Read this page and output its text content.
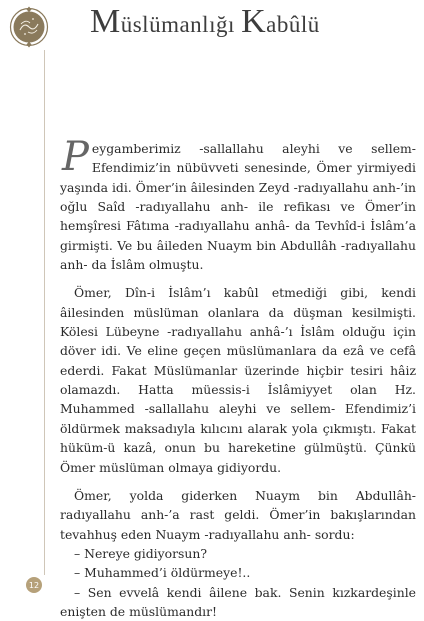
Müslümanlığı Kabûlü

Peygamberimiz -sallallahu aleyhi ve sellem- Efendimiz’in nübüvveti senesinde, Ömer yirmiyedi yaşında idi. Ömer’in âilesinden Zeyd -radıyallahu anh-’in oğlu Saîd -radıyallahu anh- ile refikası ve Ömer’in hemşîresi Fâtıma -radıyallahu anhâ- da Tevhîd-i İslâm’a girmişti. Ve bu âileden Nuaym bin Abdullâh -radıyallahu anh- da İslâm olmuştu.

Ömer, Dîn-i İslâm’ı kabûl etmediği gibi, kendi âilesinden müslüman olanlara da düşman kesilmişti. Kölesi Lübeyne -radıyallahu anhâ-’ı İslâm olduğu için döver idi. Ve eline geçen müslümanlara da ezâ ve cefâ ederdi. Fakat Müslümanlar üzerinde hiçbir tesiri hâiz olamazdı. Hatta müessis-i İslâmiyyet olan Hz. Muhammed -sallallahu aleyhi ve sellem- Efendimiz’i öldürmek maksadıyla kılıcını alarak yola çıkmıştı. Fakat hüküm-ü kazâ, onun bu hareketine gülmüştü. Çünkü Ömer müslüman olmaya gidiyordu.

Ömer, yolda giderken Nuaym bin Abdullâh-radıyallahu anh-’a rast geldi. Ömer’in bakışlarından tevahhuş eden Nuaym -radıyallahu anh- sordu:

– Nereye gidiyorsun?

– Muhammed’i öldürmeye!..

– Sen evvelâ kendi âilene bak. Senin kızkardeşinle enişten de müslümandır!

12
